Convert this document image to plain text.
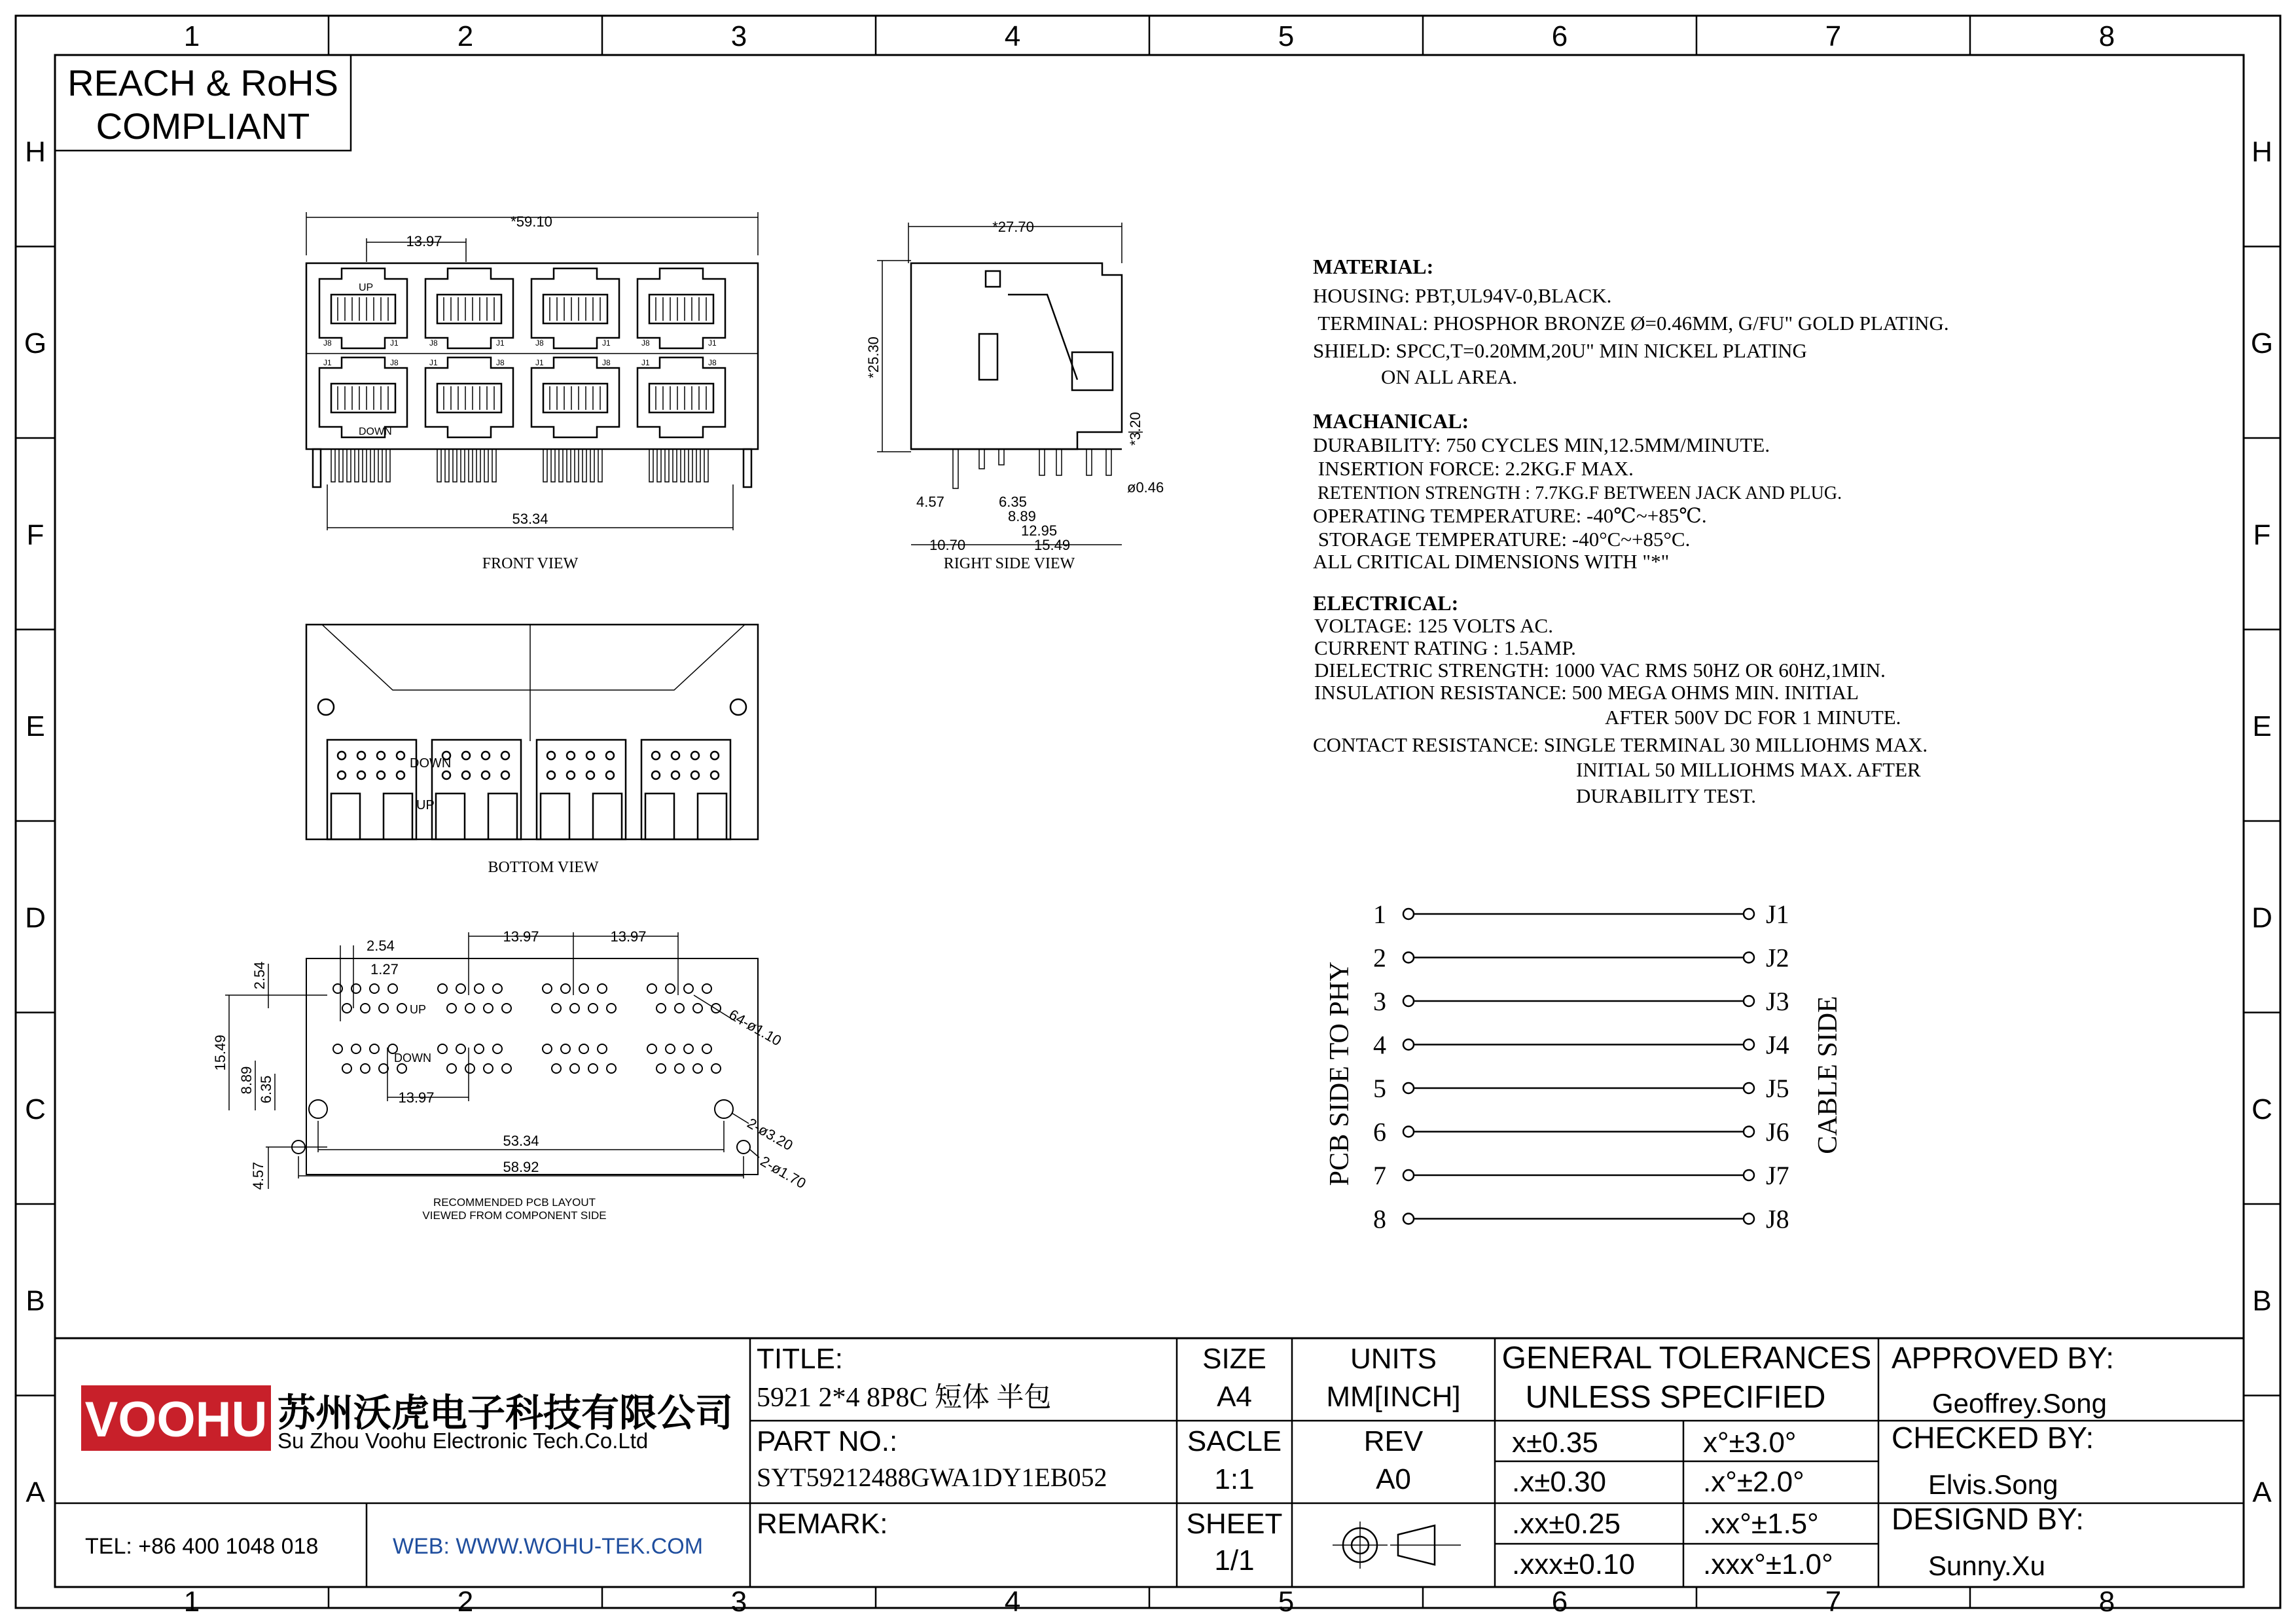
1
1
2
2
3
3
4
4
5
5
6
6
7
7
8
8
H	H
G	G
F	F
E	E
D	D
C	C
B	B
A	A
REACH & RoHS
COMPLIANT
*59.10
13.97
J8	J1
UP
J1	J8
DOWN
J8	J1
J1	J8
J8	J1
J1	J8
J8	J1
J1	J8
53.34
FRONT VIEW
*27.70
*25.30
*3.20
ø0.46
4.57	6.35
8.89
12.95
10.70	15.49
RIGHT SIDE VIEW
DOWN
UP
BOTTOM VIEW
53.34
58.92
2.54
1.27
2.54
13.97	13.97
15.49
8.89 6.35
4.57
13.97
UP
DOWN
64-ø1.10
2-ø3.20
2-ø1.70
RECOMMENDED PCB LAYOUT
VIEWED FROM COMPONENT SIDE
MATERIAL:
HOUSING: PBT,UL94V-0,BLACK.
TERMINAL: PHOSPHOR BRONZE Ø=0.46MM, G/FU" GOLD PLATING.
SHIELD: SPCC,T=0.20MM,20U" MIN NICKEL PLATING
ON ALL AREA.
MACHANICAL:
DURABILITY: 750 CYCLES MIN,12.5MM/MINUTE.
INSERTION FORCE: 2.2KG.F MAX.
RETENTION STRENGTH : 7.7KG.F BETWEEN JACK AND PLUG.
OPERATING TEMPERATURE: -40℃~+85℃.
STORAGE TEMPERATURE: -40°C~+85°C.
ALL CRITICAL DIMENSIONS WITH "*"
ELECTRICAL:
VOLTAGE: 125 VOLTS AC.
CURRENT RATING : 1.5AMP.
DIELECTRIC STRENGTH: 1000 VAC RMS 50HZ OR 60HZ,1MIN.
INSULATION RESISTANCE: 500 MEGA OHMS MIN. INITIAL
AFTER 500V DC FOR 1 MINUTE.
CONTACT RESISTANCE: SINGLE TERMINAL 30 MILLIOHMS MAX.
INITIAL 50 MILLIOHMS MAX. AFTER
DURABILITY TEST.
1	J1
2	J2
3	J3
4	J4
5	J5
6	J6
7	J7
8	J8
PCB SIDE TO PHY	CABLE SIDE
VOOHU 苏州沃虎电子科技有限公司
Su Zhou Voohu Electronic Tech.Co.Ltd
TEL: +86 400 1048 018	WEB: WWW.WOHU-TEK.COM
TITLE:
5921 2*4 8P8C 短体 半包
PART NO.:
SYT59212488GWA1DY1EB052
REMARK:
SIZE
A4
SACLE
1:1
SHEET
1/1
UNITS
MM[INCH]
REV
A0
GENERAL TOLERANCES
UNLESS SPECIFIED
x±0.35	x°±3.0°
.x±0.30	.x°±2.0°
.xx±0.25	.xx°±1.5°
.xxx±0.10 .xxx°±1.0°
APPROVED BY:
Geoffrey.Song
CHECKED BY:
Elvis.Song
DESIGND BY:
Sunny.Xu
